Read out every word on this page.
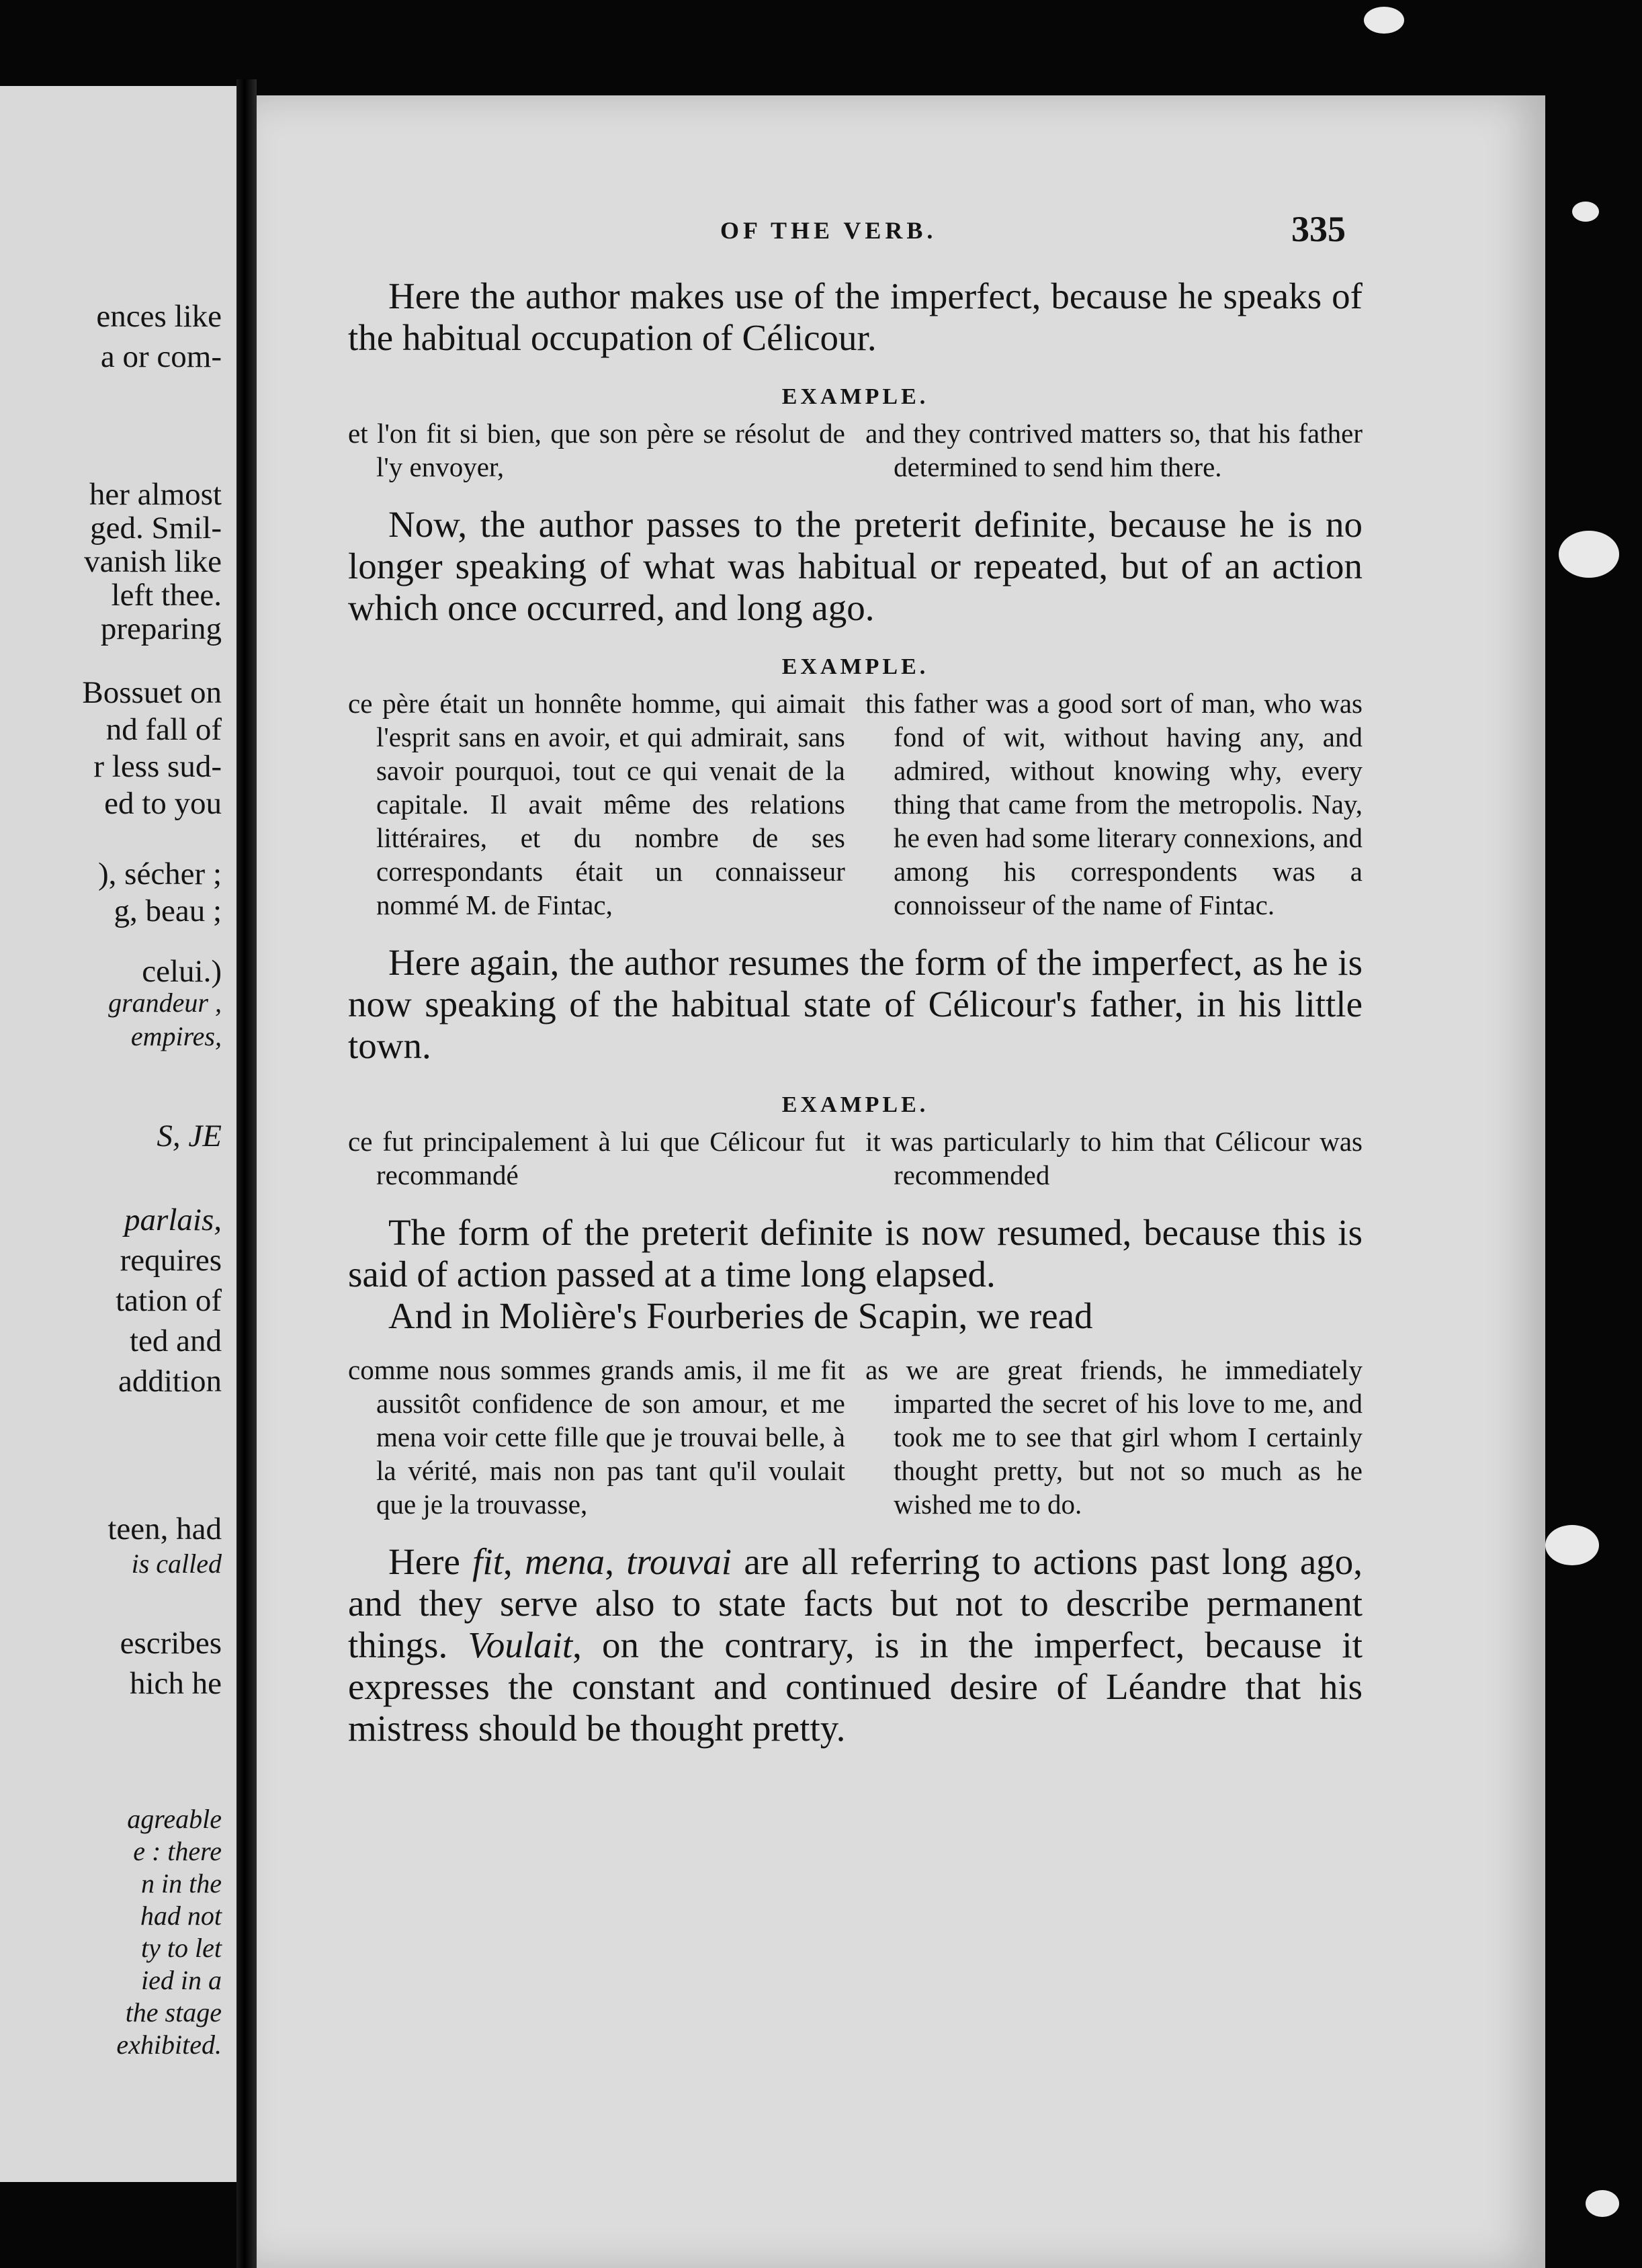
ences like
a or com-
her almost
ged. Smil-
vanish like
left thee.
preparing
Bossuet on
nd fall of
r less sud-
ed to you
), sécher ;
g, beau ;
celui.)
grandeur ,
empires,
S, JE
parlais,
requires
tation of
ted and
addition
teen, had
is called
escribes
hich he
agreable
e : there
n in the
had not
ty to let
ied in a
the stage
exhibited.
OF THE VERB.	335

Here the author makes use of the imperfect, because he speaks of the habitual occupation of Célicour.

EXAMPLE.

et l'on fit si bien, que son père se résolut de l'y envoyer,

and they contrived matters so, that his father determined to send him there.

Now, the author passes to the preterit definite, because he is no longer speaking of what was habitual or repeated, but of an action which once occurred, and long ago.

EXAMPLE.

ce père était un honnête homme, qui aimait l'esprit sans en avoir, et qui admirait, sans savoir pourquoi, tout ce qui venait de la capitale. Il avait même des relations littéraires, et du nombre de ses correspondants était un connaisseur nommé M. de Fintac,

this father was a good sort of man, who was fond of wit, without having any, and admired, without knowing why, every thing that came from the metropolis. Nay, he even had some literary connexions, and among his correspondents was a connoisseur of the name of Fintac.

Here again, the author resumes the form of the imperfect, as he is now speaking of the habitual state of Célicour's father, in his little town.

EXAMPLE.

ce fut principalement à lui que Célicour fut recommandé

it was particularly to him that Célicour was recommended

The form of the preterit definite is now resumed, because this is said of action passed at a time long elapsed.

And in Molière's Fourberies de Scapin, we read

comme nous sommes grands amis, il me fit aussitôt confidence de son amour, et me mena voir cette fille que je trouvai belle, à la vérité, mais non pas tant qu'il voulait que je la trouvasse,

as we are great friends, he immediately imparted the secret of his love to me, and took me to see that girl whom I certainly thought pretty, but not so much as he wished me to do.

Here fit, mena, trouvai are all referring to actions past long ago, and they serve also to state facts but not to describe permanent things. Voulait, on the contrary, is in the imperfect, because it expresses the constant and continued desire of Léandre that his mistress should be thought pretty.
